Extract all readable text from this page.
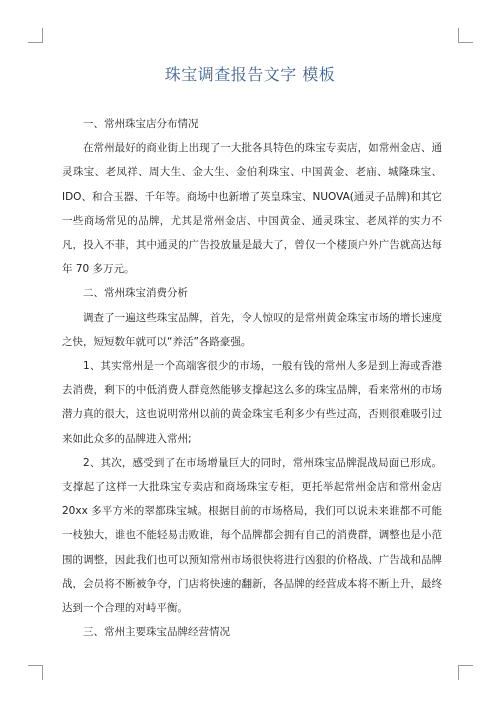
珠宝调查报告文字 模板

一、常州珠宝店分布情况

在常州最好的商业街上出现了一大批各具特色的珠宝专卖店，如常州金店、通灵珠宝、老凤祥、周大生、金大生、金伯利珠宝、中国黄金、老庙、城隆珠宝、IDO、和合玉器、千年等。商场中也新增了英皇珠宝、NUOVA(通灵子品牌)和其它一些商场常见的品牌，尤其是常州金店、中国黄金、通灵珠宝、老凤祥的实力不凡，投入不菲，其中通灵的广告投放量是最大了，曾仅一个楼顶户外广告就高达每年 70 多万元。

二、常州珠宝消费分析

调查了一遍这些珠宝品牌，首先，令人惊叹的是常州黄金珠宝市场的增长速度之快，短短数年就可以“养活”各路豪强。

1、其实常州是一个高端客很少的市场，一般有钱的常州人多是到上海或香港去消费，剩下的中低消费人群竟然能够支撑起这么多的珠宝品牌，看来常州的市场潜力真的很大，这也说明常州以前的黄金珠宝毛利多少有些过高，否则很难吸引过来如此众多的品牌进入常州;

2、其次，感受到了在市场增量巨大的同时，常州珠宝品牌混战局面已形成。支撑起了这样一大批珠宝专卖店和商场珠宝专柜，更托举起常州金店和常州金店 20xx 多平方米的翠都珠宝城。根据目前的市场格局，我们可以说未来谁都不可能一枝独大，谁也不能轻易击败谁，每个品牌都会拥有自己的消费群，调整也是小范围的调整，因此我们也可以预知常州市场很快将进行凶狠的价格战、广告战和品牌战，会员将不断被争夺，门店将快速的翻新，各品牌的经营成本将不断上升，最终达到一个合理的对峙平衡。

三、常州主要珠宝品牌经营情况
